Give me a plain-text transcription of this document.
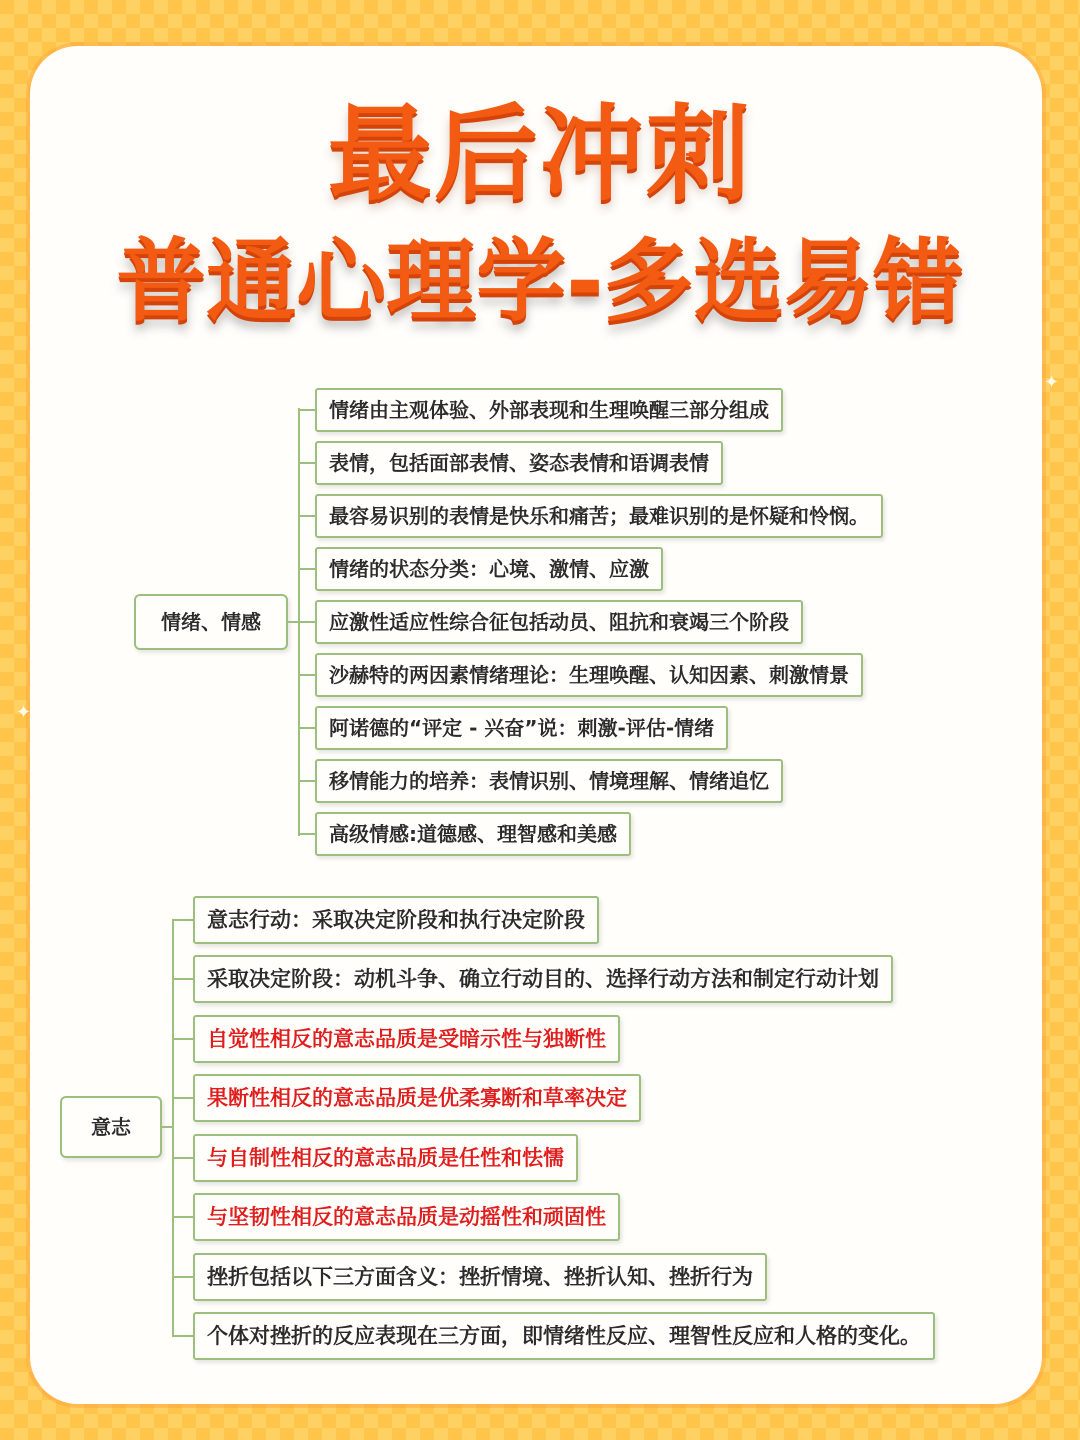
最后冲刺
普通心理学-多选易错
✦
✦
情绪、情感
情绪由主观体验、外部表现和生理唤醒三部分组成
表情，包括面部表情、姿态表情和语调表情
最容易识别的表情是快乐和痛苦；最难识别的是怀疑和怜悯。
情绪的状态分类：心境、激情、应激
应激性适应性综合征包括动员、阻抗和衰竭三个阶段
沙赫特的两因素情绪理论：生理唤醒、认知因素、刺激情景
阿诺德的“评定 - 兴奋”说：刺激-评估-情绪
移情能力的培养：表情识别、情境理解、情绪追忆
高级情感:道德感、理智感和美感
意志
意志行动：采取决定阶段和执行决定阶段
采取决定阶段：动机斗争、确立行动目的、选择行动方法和制定行动计划
自觉性相反的意志品质是受暗示性与独断性
果断性相反的意志品质是优柔寡断和草率决定
与自制性相反的意志品质是任性和怯懦
与坚韧性相反的意志品质是动摇性和顽固性
挫折包括以下三方面含义：挫折情境、挫折认知、挫折行为
个体对挫折的反应表现在三方面，即情绪性反应、理智性反应和人格的变化。
